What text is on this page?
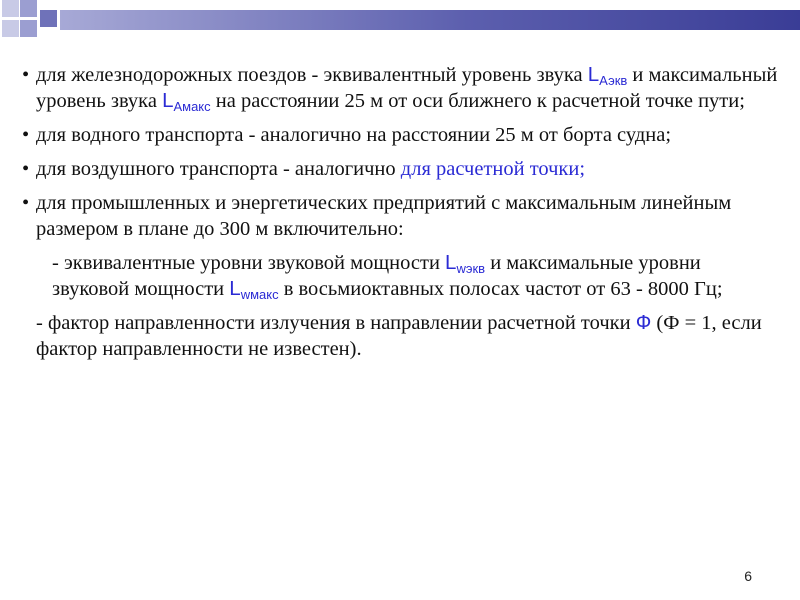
• для железнодорожных поездов - эквивалентный уровень звука $L_{Аэкв}$ и максимальный уровень звука $L_{Амакс}$ на расстоянии 25 м от оси ближнего к расчетной точке пути;
• для водного транспорта - аналогично на расстоянии 25 м от борта судна;
• для воздушного транспорта - аналогично для расчетной точки;
• для промышленных и энергетических предприятий с максимальным линейным размером в плане до 300 м включительно:
- эквивалентные уровни звуковой мощности $L_{wэкв}$ и максимальные уровни звуковой мощности $L_{wмакс}$ в восьмиоктавных полосах частот от 63 - 8000 Гц;
- фактор направленности излучения в направлении расчетной точки Ф (Ф = 1, если фактор направленности не известен).
6
